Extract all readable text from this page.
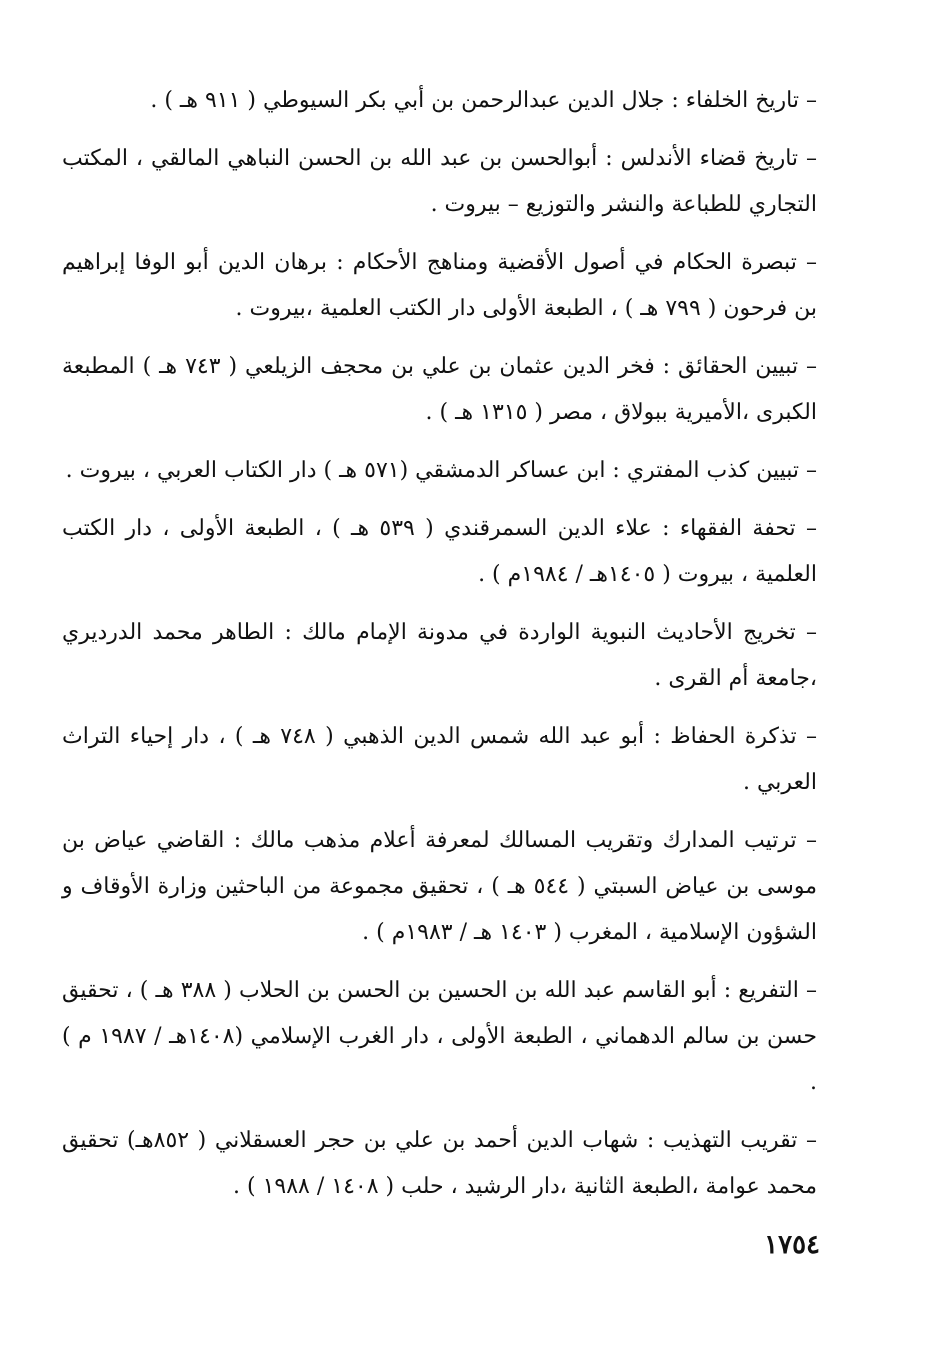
– تاريخ الخلفاء : جلال الدين عبدالرحمن بن أبي بكر السيوطي ( ٩١١ هـ ) .

– تاريخ قضاء الأندلس : أبوالحسن بن عبد الله بن الحسن النباهي المالقي ، المكتب التجاري للطباعة والنشر والتوزيع – بيروت .

– تبصرة الحكام في أصول الأقضية ومناهج الأحكام : برهان الدين أبو الوفا إبراهيم بن فرحون ( ٧٩٩ هـ ) ، الطبعة الأولى دار الكتب العلمية ،بيروت .

– تبيين الحقائق : فخر الدين عثمان بن علي بن محجف الزيلعي ( ٧٤٣ هـ ) المطبعة الكبرى ،الأميرية ببولاق ، مصر ( ١٣١٥ هـ ) .

– تبيين كذب المفتري : ابن عساكر الدمشقي (٥٧١ هـ ) دار الكتاب العربي ، بيروت .

– تحفة الفقهاء : علاء الدين السمرقندي ( ٥٣٩ هـ ) ، الطبعة الأولى ، دار الكتب العلمية ، بيروت ( ١٤٠٥هـ / ١٩٨٤م ) .

– تخريج الأحاديث النبوية الواردة في مدونة الإمام مالك : الطاهر محمد الدرديري ،جامعة أم القرى .

– تذكرة الحفاظ : أبو عبد الله شمس الدين الذهبي ( ٧٤٨ هـ ) ، دار إحياء التراث العربي .

– ترتيب المدارك وتقريب المسالك لمعرفة أعلام مذهب مالك : القاضي عياض بن موسى بن عياض السبتي ( ٥٤٤ هـ ) ، تحقيق مجموعة من الباحثين وزارة الأوقاف و الشؤون الإسلامية ، المغرب ( ١٤٠٣ هـ / ١٩٨٣م ) .

– التفريع : أبو القاسم عبد الله بن الحسين بن الحسن بن الحلاب ( ٣٨٨ هـ ) ، تحقيق حسن بن سالم الدهماني ، الطبعة الأولى ، دار الغرب الإسلامي (١٤٠٨هـ / ١٩٨٧ م ) .

– تقريب التهذيب : شهاب الدين أحمد بن علي بن حجر العسقلاني ( ٨٥٢هـ) تحقيق محمد عوامة ،الطبعة الثانية ،دار الرشيد ، حلب ( ١٤٠٨ / ١٩٨٨ ) .

١٧٥٤
